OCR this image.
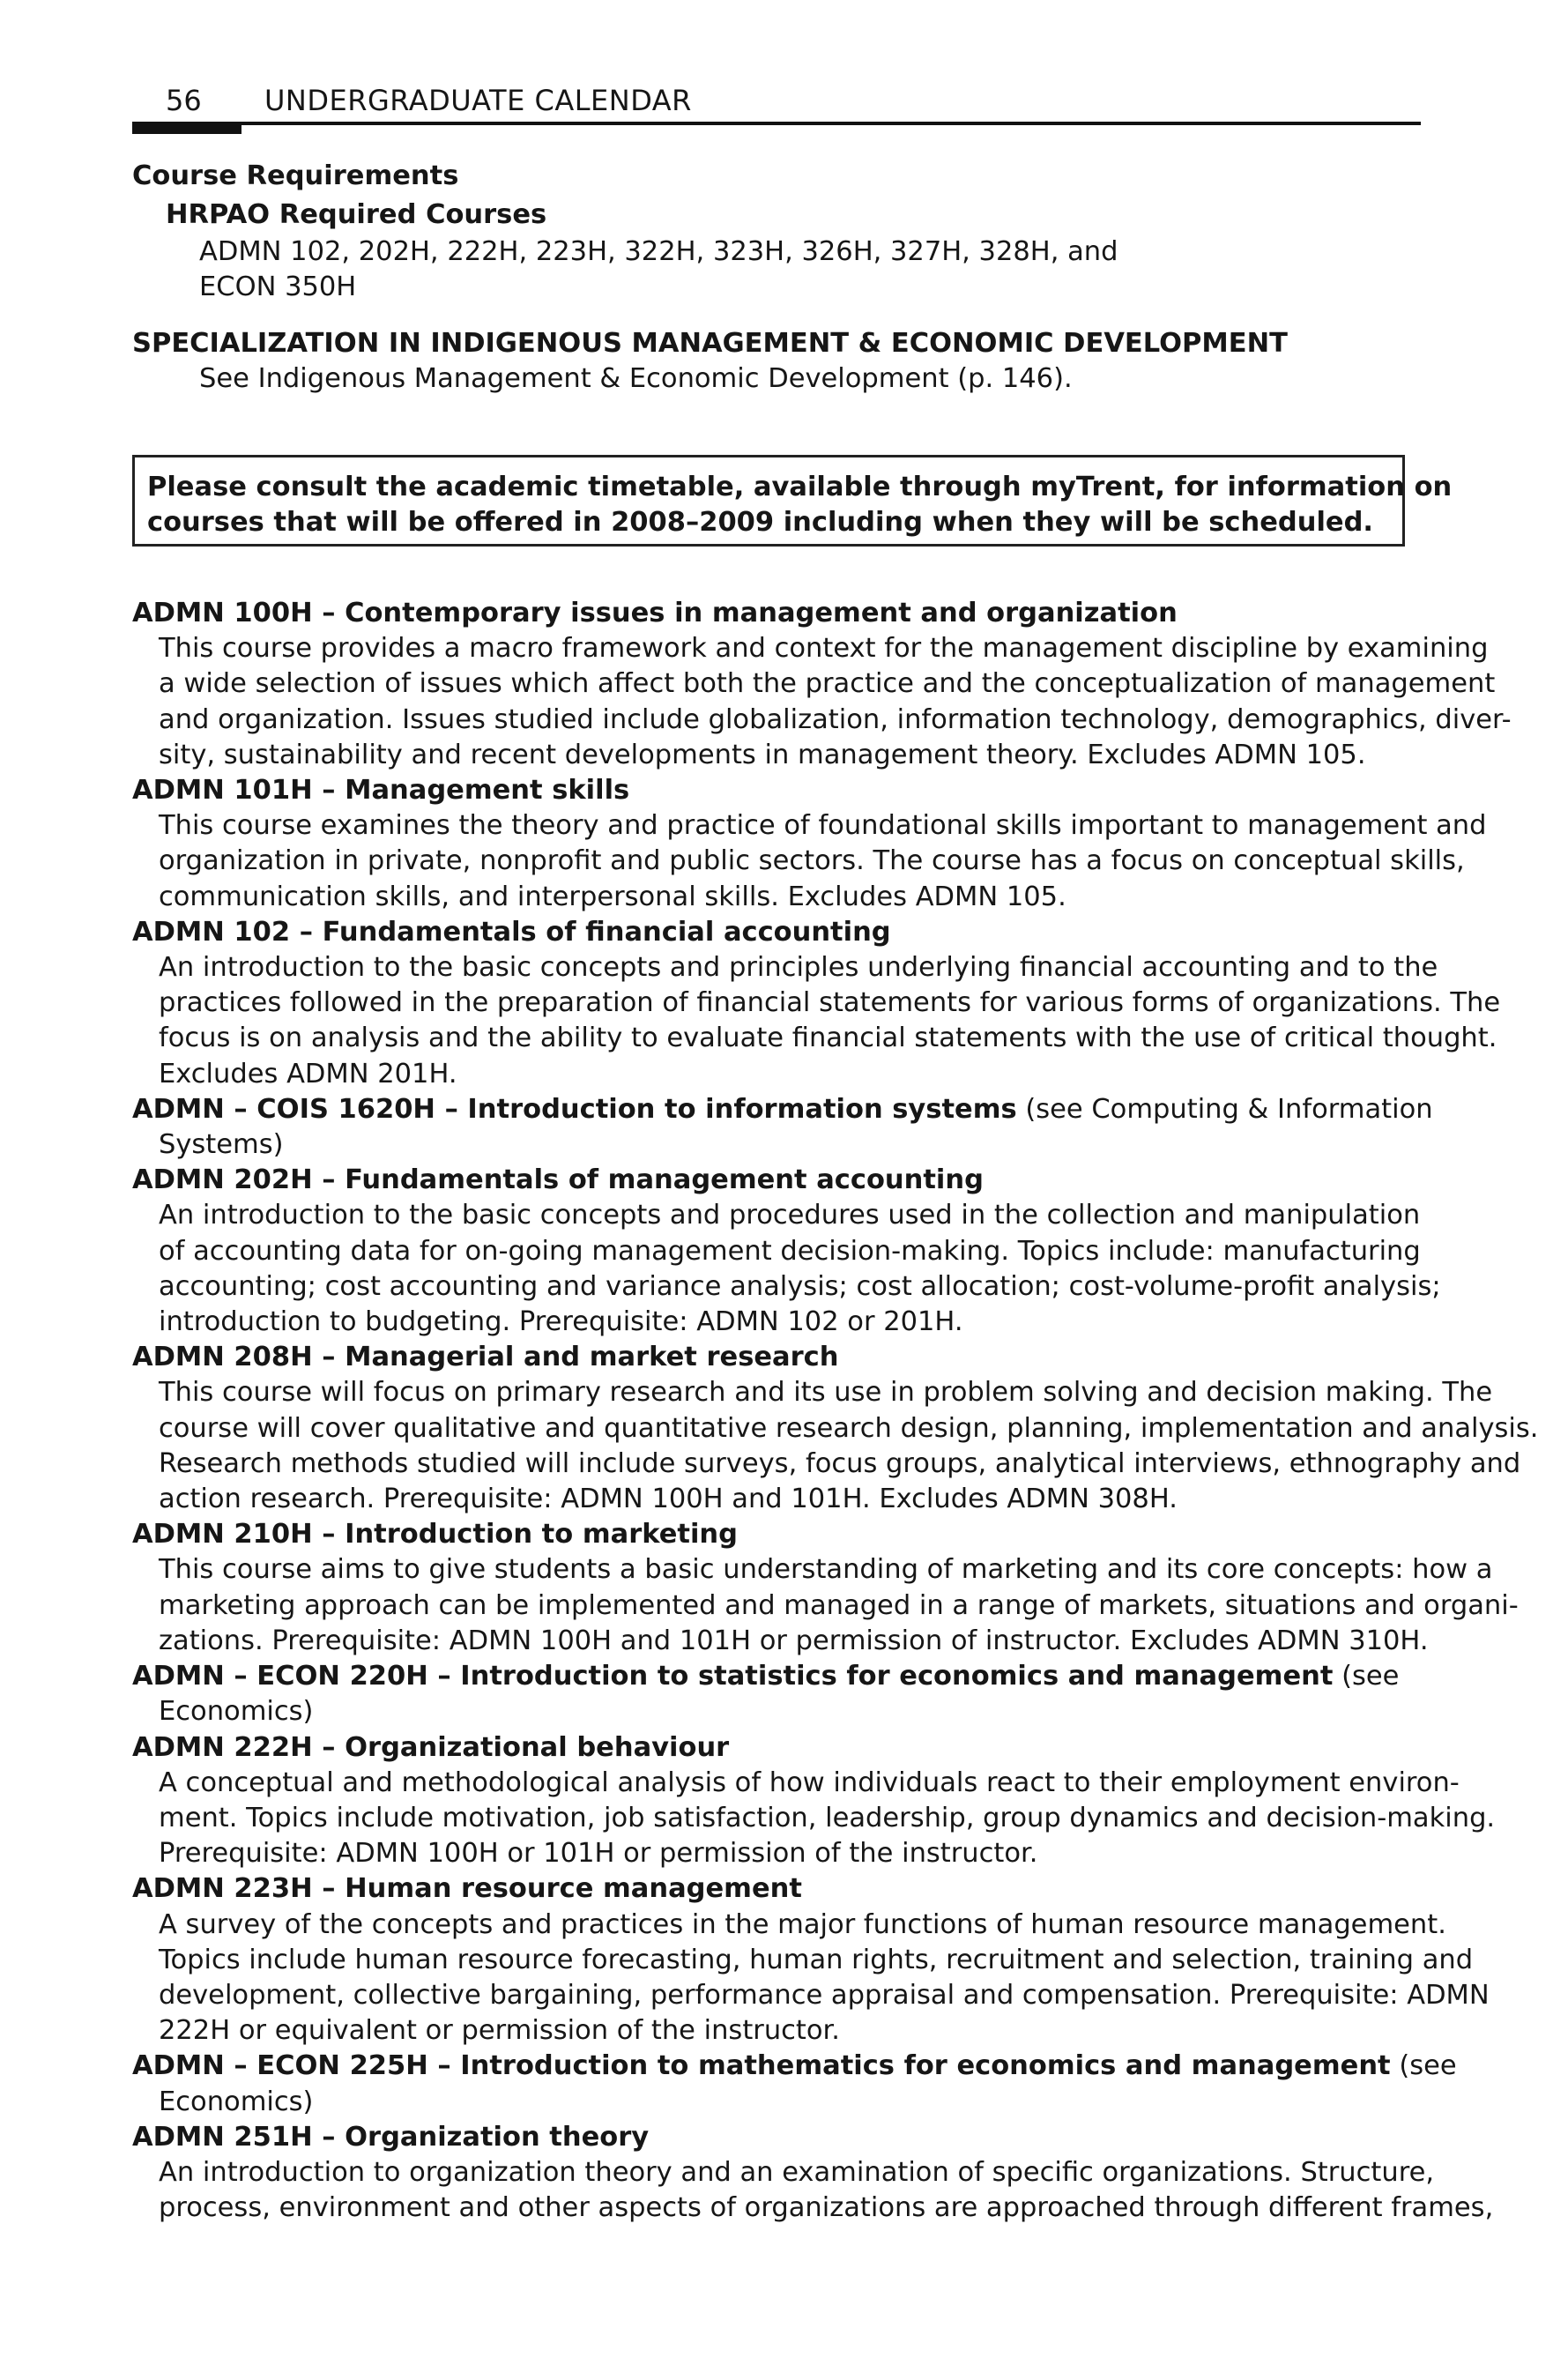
56 UNDERGRADUATE CALENDAR
Course Requirements
HRPAO Required Courses
ADMN 102, 202H, 222H, 223H, 322H, 323H, 326H, 327H, 328H, and
ECON 350H
SPECIALIZATION IN INDIGENOUS MANAGEMENT & ECONOMIC DEVELOPMENT
See Indigenous Management & Economic Development (p. 146).
Please consult the academic timetable, available through myTrent, for information on
courses that will be offered in 2008–2009 including when they will be scheduled.

ADMN 100H – Contemporary issues in management and organization

This course provides a macro framework and context for the management discipline by examining

a wide selection of issues which affect both the practice and the conceptualization of management

and organization. Issues studied include globalization, information technology, demographics, diver-

sity, sustainability and recent developments in management theory. Excludes ADMN 105.

ADMN 101H – Management skills

This course examines the theory and practice of foundational skills important to management and

organization in private, nonprofit and public sectors. The course has a focus on conceptual skills,

communication skills, and interpersonal skills. Excludes ADMN 105.

ADMN 102 – Fundamentals of financial accounting

An introduction to the basic concepts and principles underlying financial accounting and to the

practices followed in the preparation of financial statements for various forms of organizations. The

focus is on analysis and the ability to evaluate financial statements with the use of critical thought.

Excludes ADMN 201H.

ADMN – COIS 1620H – Introduction to information systems (see Computing & Information

Systems)

ADMN 202H – Fundamentals of management accounting

An introduction to the basic concepts and procedures used in the collection and manipulation

of accounting data for on-going management decision-making. Topics include: manufacturing

accounting; cost accounting and variance analysis; cost allocation; cost-volume-profit analysis;

introduction to budgeting. Prerequisite: ADMN 102 or 201H.

ADMN 208H – Managerial and market research

This course will focus on primary research and its use in problem solving and decision making. The

course will cover qualitative and quantitative research design, planning, implementation and analysis.

Research methods studied will include surveys, focus groups, analytical interviews, ethnography and

action research. Prerequisite: ADMN 100H and 101H. Excludes ADMN 308H.

ADMN 210H – Introduction to marketing

This course aims to give students a basic understanding of marketing and its core concepts: how a

marketing approach can be implemented and managed in a range of markets, situations and organi-

zations. Prerequisite: ADMN 100H and 101H or permission of instructor. Excludes ADMN 310H.

ADMN – ECON 220H – Introduction to statistics for economics and management (see

Economics)

ADMN 222H – Organizational behaviour

A conceptual and methodological analysis of how individuals react to their employment environ-

ment. Topics include motivation, job satisfaction, leadership, group dynamics and decision-making.

Prerequisite: ADMN 100H or 101H or permission of the instructor.

ADMN 223H – Human resource management

A survey of the concepts and practices in the major functions of human resource management.

Topics include human resource forecasting, human rights, recruitment and selection, training and

development, collective bargaining, performance appraisal and compensation. Prerequisite: ADMN

222H or equivalent or permission of the instructor.

ADMN – ECON 225H – Introduction to mathematics for economics and management (see

Economics)

ADMN 251H – Organization theory

An introduction to organization theory and an examination of specific organizations. Structure,

process, environment and other aspects of organizations are approached through different frames,
